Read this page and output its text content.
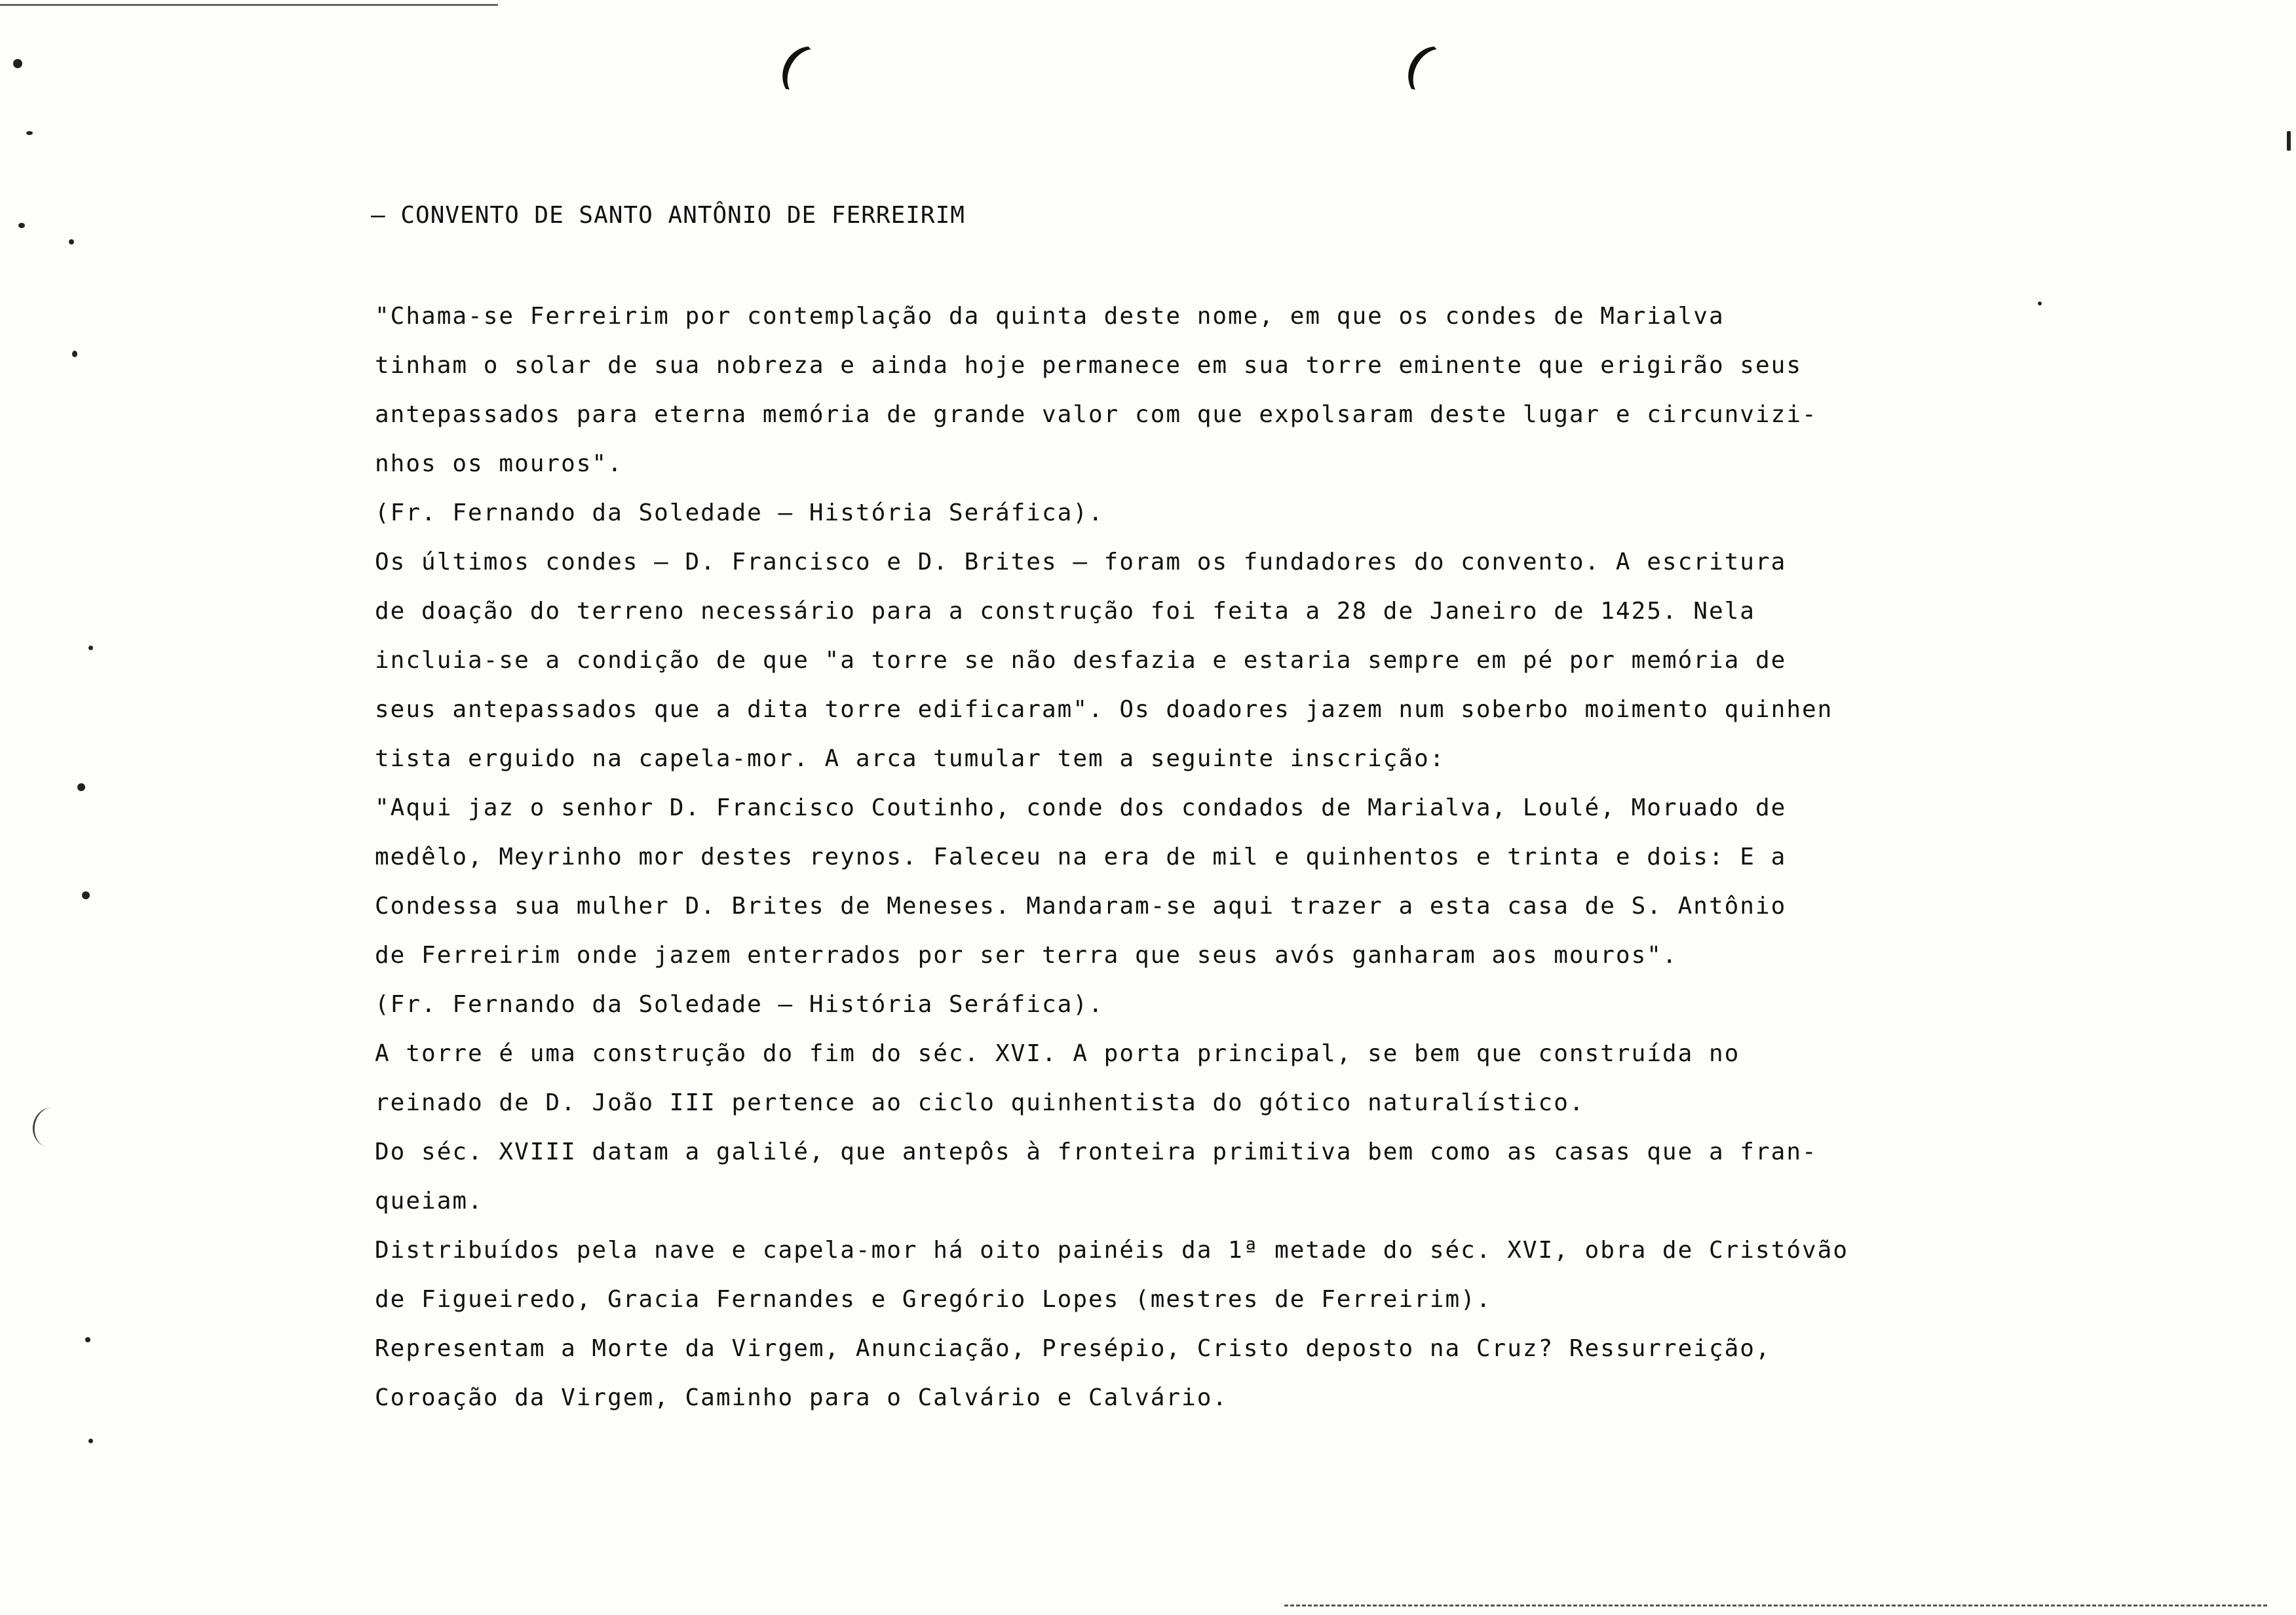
– CONVENTO DE SANTO ANTÔNIO DE FERREIRIM
"Chama-se Ferreirim por contemplação da quinta deste nome, em que os condes de Marialva
tinham o solar de sua nobreza e ainda hoje permanece em sua torre eminente que erigirão seus
antepassados para eterna memória de grande valor com que expolsaram deste lugar e circunvizi-
nhos os mouros".
(Fr. Fernando da Soledade – História Seráfica).
Os últimos condes – D. Francisco e D. Brites – foram os fundadores do convento. A escritura
de doação do terreno necessário para a construção foi feita a 28 de Janeiro de 1425. Nela
incluia-se a condição de que "a torre se não desfazia e estaria sempre em pé por memória de
seus antepassados que a dita torre edificaram". Os doadores jazem num soberbo moimento quinhen
tista erguido na capela-mor. A arca tumular tem a seguinte inscrição:
"Aqui jaz o senhor D. Francisco Coutinho, conde dos condados de Marialva, Loulé, Moruado de
medêlo, Meyrinho mor destes reynos. Faleceu na era de mil e quinhentos e trinta e dois: E a
Condessa sua mulher D. Brites de Meneses. Mandaram-se aqui trazer a esta casa de S. Antônio
de Ferreirim onde jazem enterrados por ser terra que seus avós ganharam aos mouros".
(Fr. Fernando da Soledade – História Seráfica).
A torre é uma construção do fim do séc. XVI. A porta principal, se bem que construída no
reinado de D. João III pertence ao ciclo quinhentista do gótico naturalístico.
Do séc. XVIII datam a galilé, que antepôs à fronteira primitiva bem como as casas que a fran-
queiam.
Distribuídos pela nave e capela-mor há oito painéis da 1ª metade do séc. XVI, obra de Cristóvão
de Figueiredo, Gracia Fernandes e Gregório Lopes (mestres de Ferreirim).
Representam a Morte da Virgem, Anunciação, Presépio, Cristo deposto na Cruz? Ressurreição,
Coroação da Virgem, Caminho para o Calvário e Calvário.
